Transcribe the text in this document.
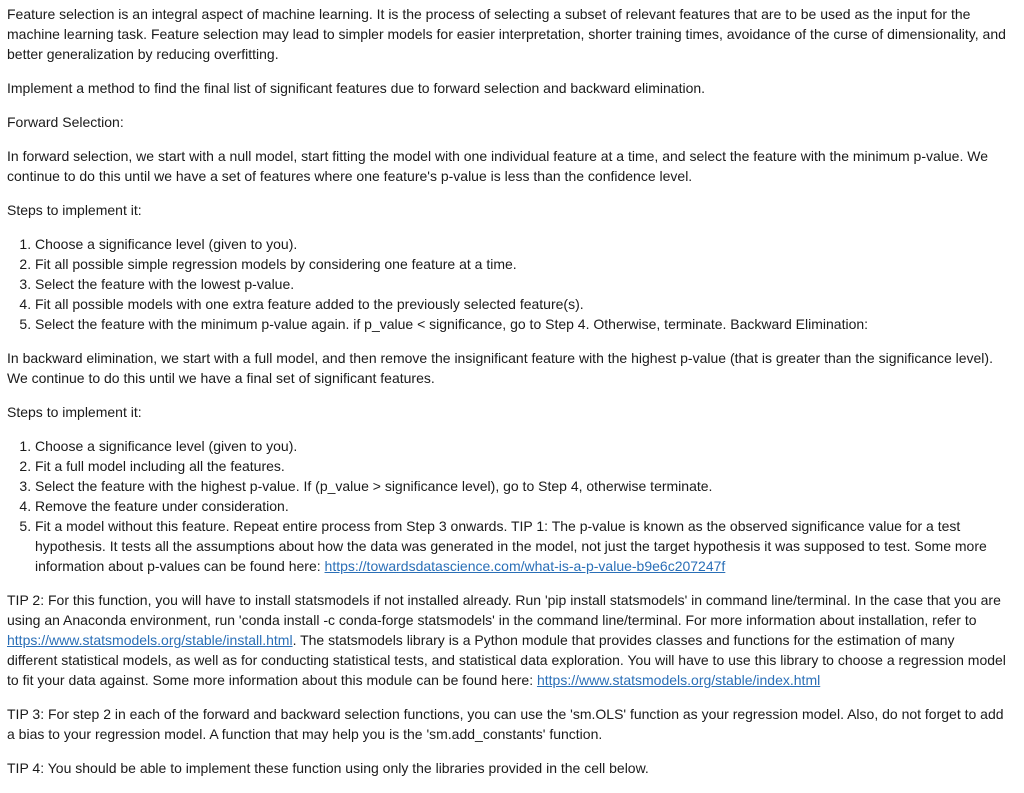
Feature selection is an integral aspect of machine learning. It is the process of selecting a subset of relevant features that are to be used as the input for the machine learning task. Feature selection may lead to simpler models for easier interpretation, shorter training times, avoidance of the curse of dimensionality, and better generalization by reducing overfitting.

Implement a method to find the final list of significant features due to forward selection and backward elimination.

Forward Selection:

In forward selection, we start with a null model, start fitting the model with one individual feature at a time, and select the feature with the minimum p-value. We continue to do this until we have a set of features where one feature's p-value is less than the confidence level.

Steps to implement it:

1. Choose a significance level (given to you).
2. Fit all possible simple regression models by considering one feature at a time.
3. Select the feature with the lowest p-value.
4. Fit all possible models with one extra feature added to the previously selected feature(s).
5. Select the feature with the minimum p-value again. if p_value < significance, go to Step 4. Otherwise, terminate. Backward Elimination:

In backward elimination, we start with a full model, and then remove the insignificant feature with the highest p-value (that is greater than the significance level). We continue to do this until we have a final set of significant features.

Steps to implement it:

1. Choose a significance level (given to you).
2. Fit a full model including all the features.
3. Select the feature with the highest p-value. If (p_value > significance level), go to Step 4, otherwise terminate.
4. Remove the feature under consideration.
5. Fit a model without this feature. Repeat entire process from Step 3 onwards. TIP 1: The p-value is known as the observed significance value for a test hypothesis. It tests all the assumptions about how the data was generated in the model, not just the target hypothesis it was supposed to test. Some more information about p-values can be found here: https://towardsdatascience.com/what-is-a-p-value-b9e6c207247f

TIP 2: For this function, you will have to install statsmodels if not installed already. Run 'pip install statsmodels' in command line/terminal. In the case that you are using an Anaconda environment, run 'conda install -c conda-forge statsmodels' in the command line/terminal. For more information about installation, refer to https://www.statsmodels.org/stable/install.html. The statsmodels library is a Python module that provides classes and functions for the estimation of many different statistical models, as well as for conducting statistical tests, and statistical data exploration. You will have to use this library to choose a regression model to fit your data against. Some more information about this module can be found here: https://www.statsmodels.org/stable/index.html

TIP 3: For step 2 in each of the forward and backward selection functions, you can use the 'sm.OLS' function as your regression model. Also, do not forget to add a bias to your regression model. A function that may help you is the 'sm.add_constants' function.

TIP 4: You should be able to implement these function using only the libraries provided in the cell below.
